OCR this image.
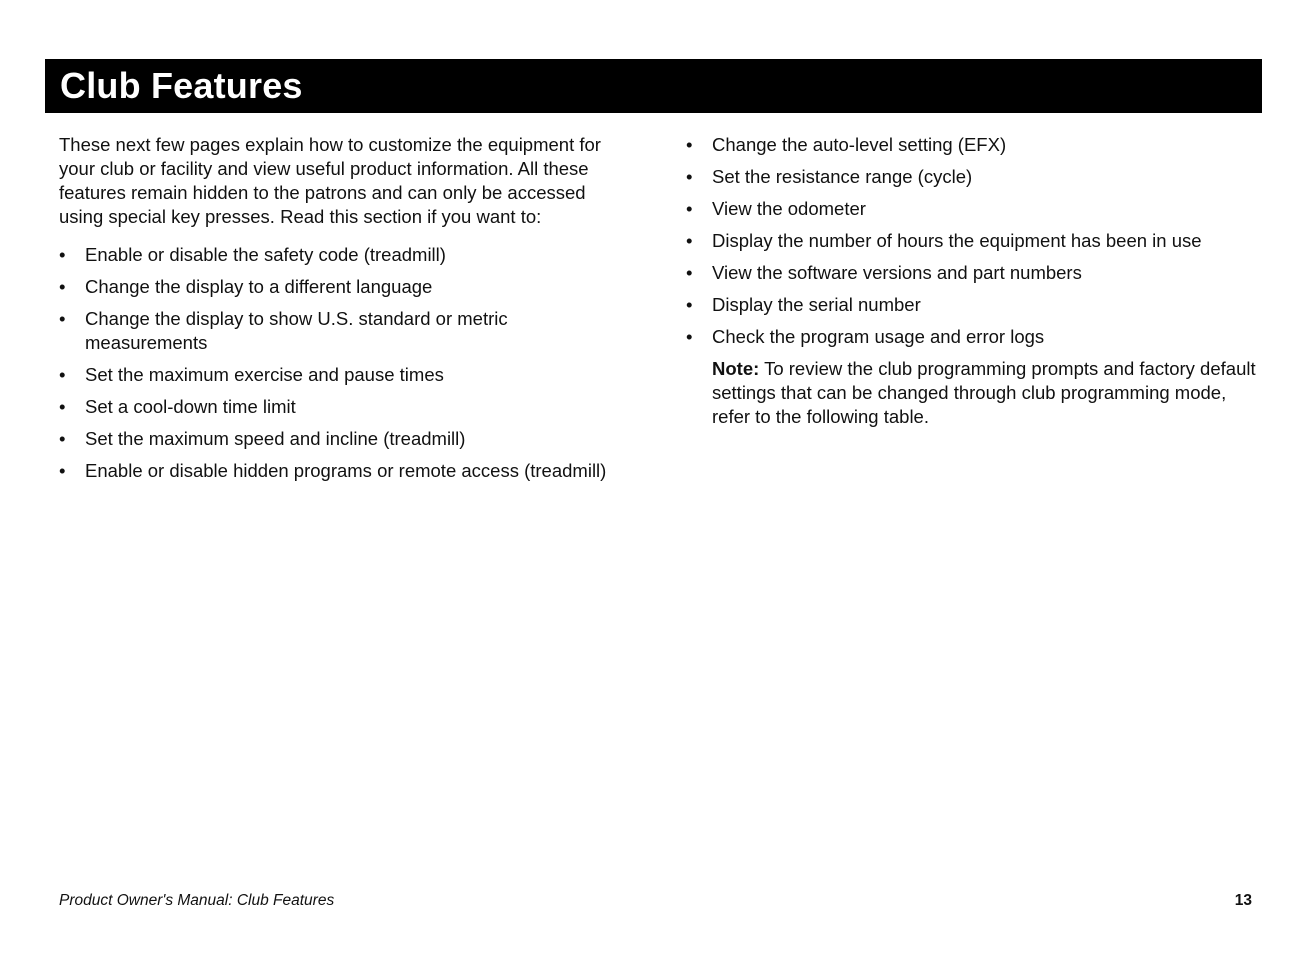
Club Features

These next few pages explain how to customize the equipment for your club or facility and view useful product information. All these features remain hidden to the patrons and can only be accessed using special key presses. Read this section if you want to:

•	Enable or disable the safety code (treadmill)
•	Change the display to a different language
•	Change the display to show U.S. standard or metric measurements
•	Set the maximum exercise and pause times
•	Set a cool-down time limit
•	Set the maximum speed and incline (treadmill)
•	Enable or disable hidden programs or remote access (treadmill)
•	Change the auto-level setting (EFX)
•	Set the resistance range (cycle)
•	View the odometer
•	Display the number of hours the equipment has been in use
•	View the software versions and part numbers
•	Display the serial number
•	Check the program usage and error logs

Note: To review the club programming prompts and factory default settings that can be changed through club programming mode, refer to the following table.

Product Owner's Manual: Club Features	13
